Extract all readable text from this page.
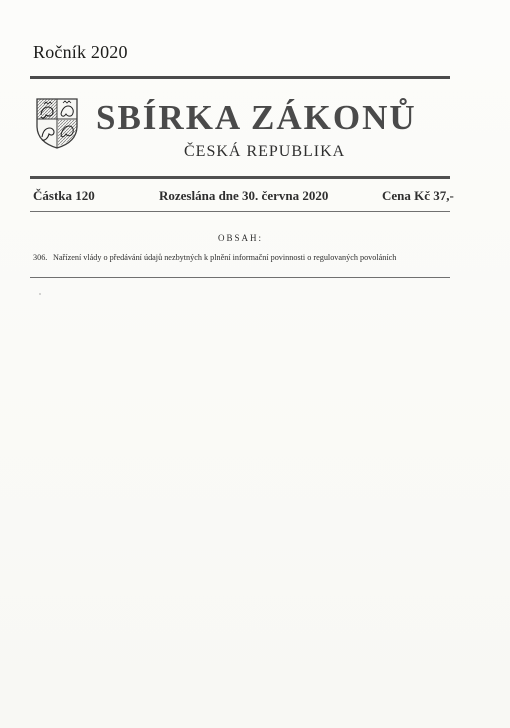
Ročník 2020
SBÍRKA ZÁKONŮ
ČESKÁ REPUBLIKA
Částka 120	Rozeslána dne 30. června 2020	Cena Kč 37,-
OBSAH:
306. Nařízení vlády o předávání údajů nezbytných k plnění informační povinnosti o regulovaných povoláních
